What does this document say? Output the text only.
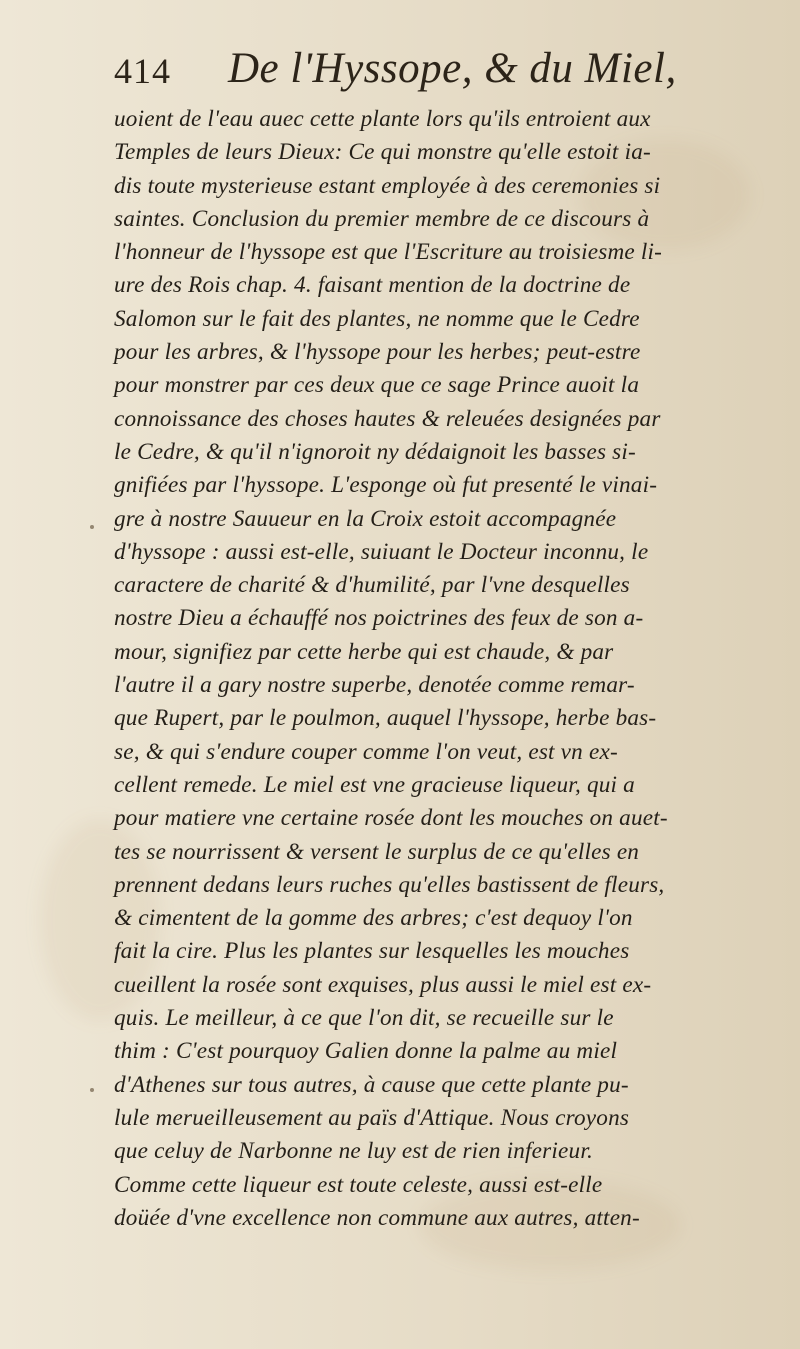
414 De l'Hyssope, & du Miel,
uoient de l'eau auec cette plante lors qu'ils entroient aux
Temples de leurs Dieux: Ce qui monstre qu'elle estoit ia-
dis toute mysterieuse estant employée à des ceremonies si
saintes. Conclusion du premier membre de ce discours à
l'honneur de l'hyssope est que l'Escriture au troisiesme li-
ure des Rois chap. 4. faisant mention de la doctrine de
Salomon sur le fait des plantes, ne nomme que le Cedre
pour les arbres, & l'hyssope pour les herbes; peut-estre
pour monstrer par ces deux que ce sage Prince auoit la
connoissance des choses hautes & releuées designées par
le Cedre, & qu'il n'ignoroit ny dédaignoit les basses si-
gnifiées par l'hyssope. L'esponge où fut presenté le vinai-
gre à nostre Sauueur en la Croix estoit accompagnée
d'hyssope : aussi est-elle, suiuant le Docteur inconnu, le
caractere de charité & d'humilité, par l'vne desquelles
nostre Dieu a échauffé nos poictrines des feux de son a-
mour, signifiez par cette herbe qui est chaude, & par
l'autre il a gary nostre superbe, denotée comme remar-
que Rupert, par le poulmon, auquel l'hyssope, herbe bas-
se, & qui s'endure couper comme l'on veut, est vn ex-
cellent remede. Le miel est vne gracieuse liqueur, qui a
pour matiere vne certaine rosée dont les mouches on auet-
tes se nourrissent & versent le surplus de ce qu'elles en
prennent dedans leurs ruches qu'elles bastissent de fleurs,
& cimentent de la gomme des arbres; c'est dequoy l'on
fait la cire. Plus les plantes sur lesquelles les mouches
cueillent la rosée sont exquises, plus aussi le miel est ex-
quis. Le meilleur, à ce que l'on dit, se recueille sur le
thim : C'est pourquoy Galien donne la palme au miel
d'Athenes sur tous autres, à cause que cette plante pu-
lule merueilleusement au païs d'Attique. Nous croyons
que celuy de Narbonne ne luy est de rien inferieur.
Comme cette liqueur est toute celeste, aussi est-elle
doüée d'vne excellence non commune aux autres, atten-
